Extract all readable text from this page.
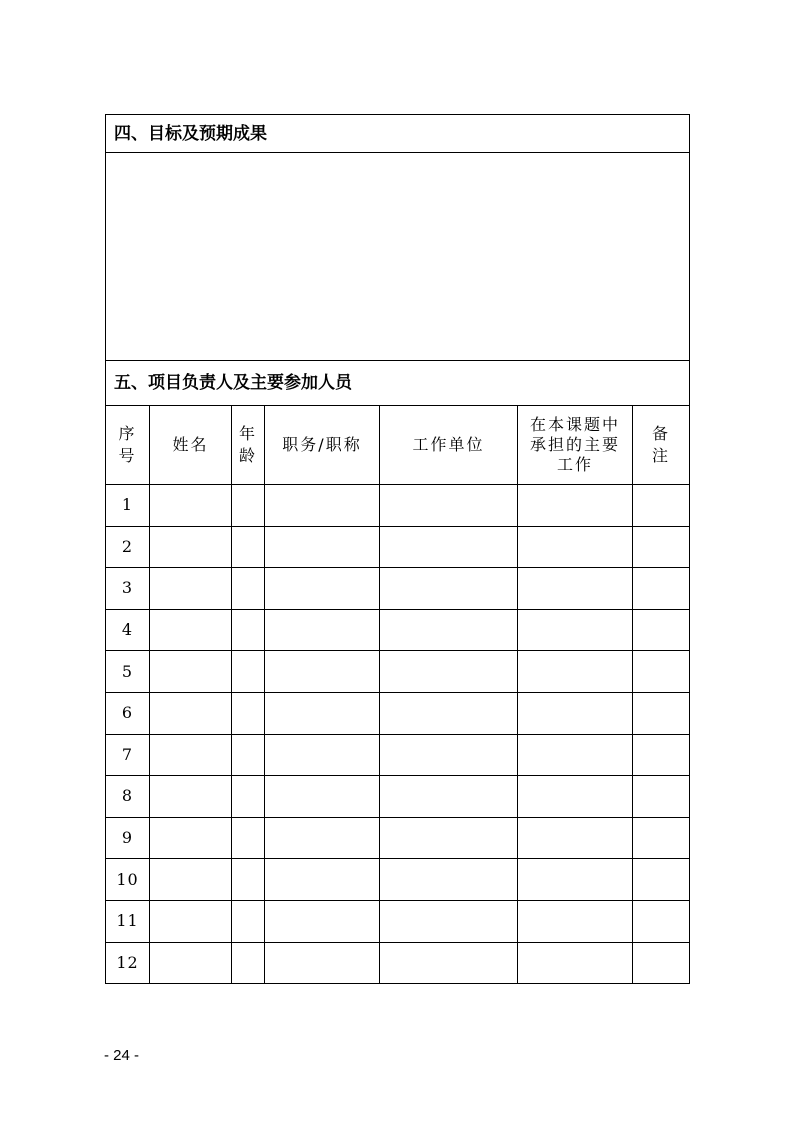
四、目标及预期成果						

五、项目负责人及主要参加人员						
序号	姓名	年龄	职务/职称	工作单位	在本课题中承担的主要工作	备注
1						
2						
3						
4						
5						
6						
7						
8						
9						
10						
11						
12						
- 24 -
